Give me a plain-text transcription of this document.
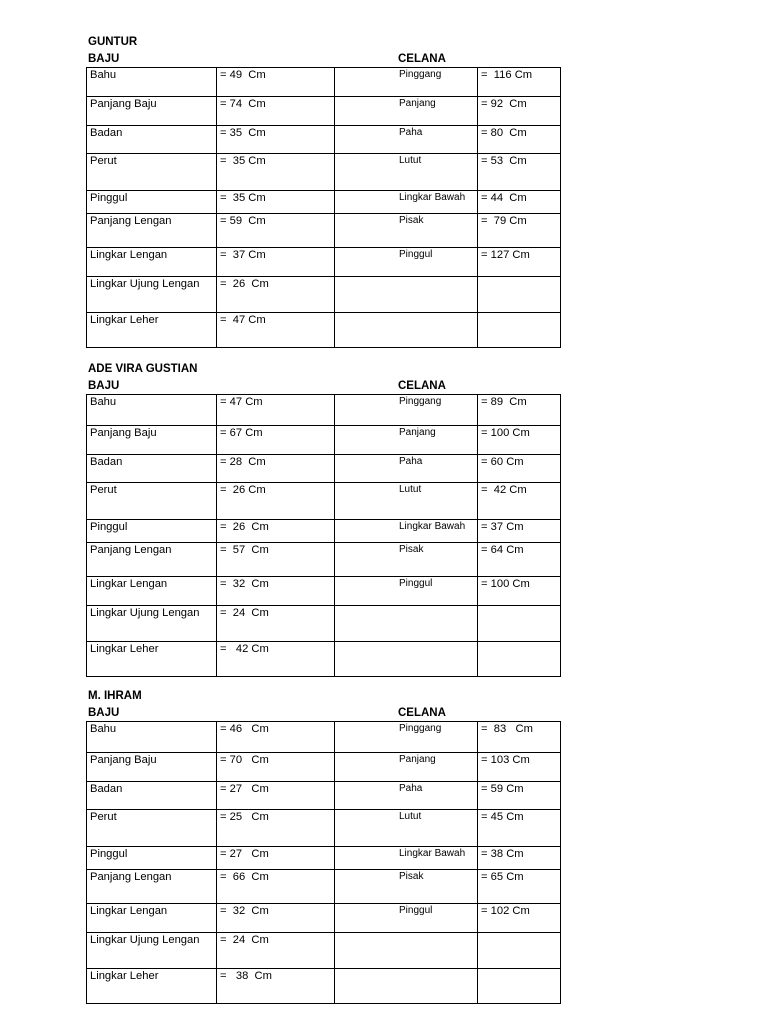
GUNTUR
BAJU	CELANA
Bahu	= 49  Cm	Pinggang	=  116 Cm
Panjang Baju	= 74  Cm	Panjang	= 92  Cm
Badan	= 35  Cm	Paha	= 80  Cm
Perut	=  35 Cm	Lutut	= 53  Cm
Pinggul	=  35 Cm	Lingkar Bawah	= 44  Cm
Panjang Lengan	= 59  Cm	Pisak	=  79 Cm
Lingkar Lengan	=  37 Cm	Pinggul	= 127 Cm
Lingkar Ujung Lengan	=  26  Cm		
Lingkar Leher	=  47 Cm		
ADE VIRA GUSTIAN
BAJU	CELANA
Bahu	= 47 Cm	Pinggang	= 89  Cm
Panjang Baju	= 67 Cm	Panjang	= 100 Cm
Badan	= 28  Cm	Paha	= 60 Cm
Perut	=  26 Cm	Lutut	=  42 Cm
Pinggul	=  26  Cm	Lingkar Bawah	= 37 Cm
Panjang Lengan	=  57  Cm	Pisak	= 64 Cm
Lingkar Lengan	=  32  Cm	Pinggul	= 100 Cm
Lingkar Ujung Lengan	=  24  Cm		
Lingkar Leher	=   42 Cm		
M. IHRAM
BAJU	CELANA
Bahu	= 46   Cm	Pinggang	=  83   Cm
Panjang Baju	= 70   Cm	Panjang	= 103 Cm
Badan	= 27   Cm	Paha	= 59 Cm
Perut	= 25   Cm	Lutut	= 45 Cm
Pinggul	= 27   Cm	Lingkar Bawah	= 38 Cm
Panjang Lengan	=  66  Cm	Pisak	= 65 Cm
Lingkar Lengan	=  32  Cm	Pinggul	= 102 Cm
Lingkar Ujung Lengan	=  24  Cm		
Lingkar Leher	=   38  Cm		
